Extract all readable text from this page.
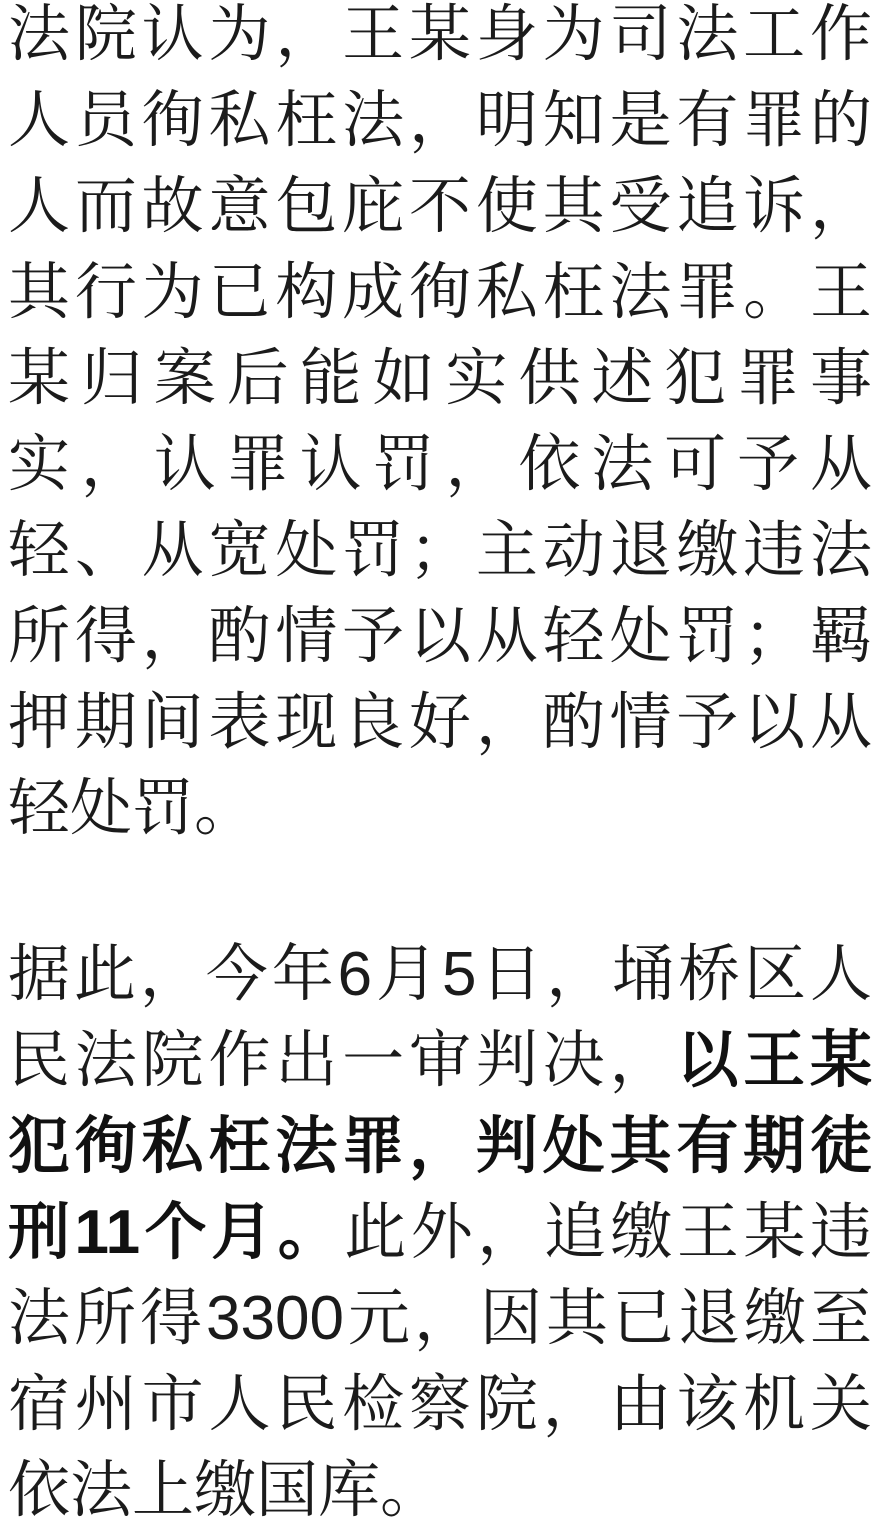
法院认为，王某身为司法工作人员徇私枉法，明知是有罪的人而故意包庇不使其受追诉，其行为已构成徇私枉法罪。王某归案后能如实供述犯罪事实，认罪认罚，依法可予从轻、从宽处罚；主动退缴违法所得，酌情予以从轻处罚；羁押期间表现良好，酌情予以从轻处罚。

据此，今年6月5日，埇桥区人民法院作出一审判决，以王某犯徇私枉法罪，判处其有期徒刑11个月。此外，追缴王某违法所得3300元，因其已退缴至宿州市人民检察院，由该机关依法上缴国库。
